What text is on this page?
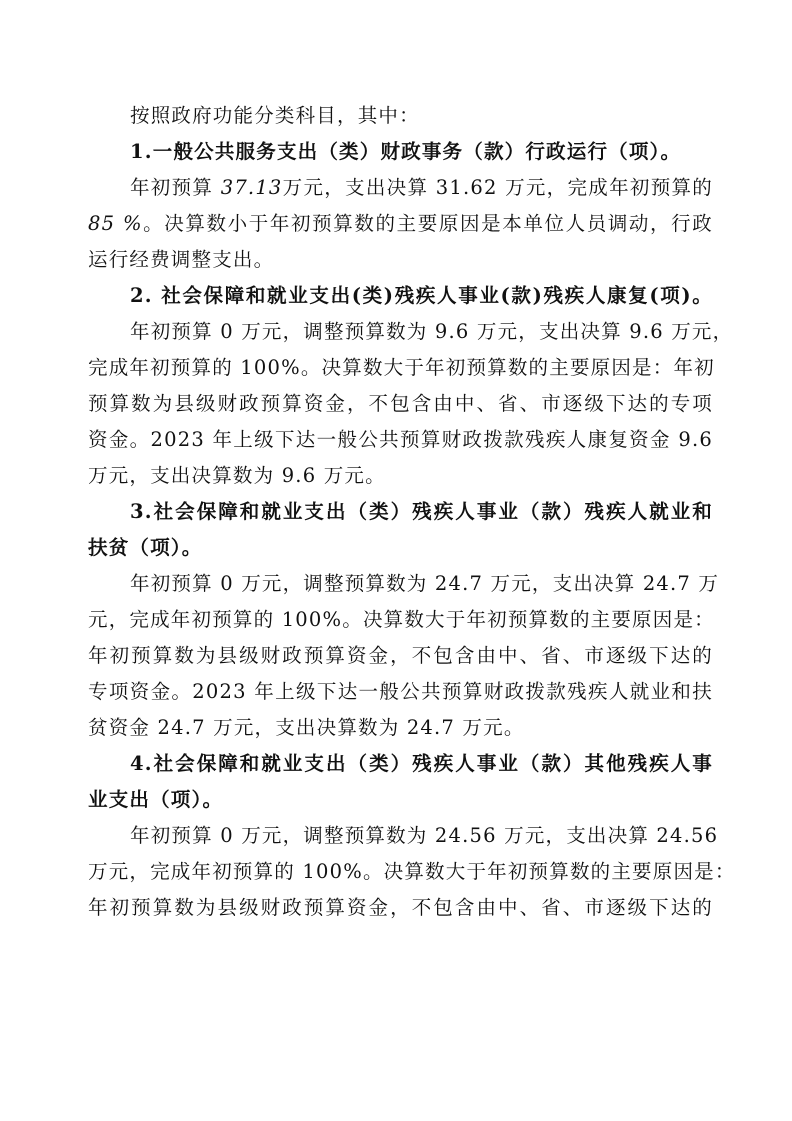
按照政府功能分类科目，其中：
1.一般公共服务支出（类）财政事务（款）行政运行（项）。
年初预算 37.13万元，支出决算 31.62 万元，完成年初预算的
85 %。决算数小于年初预算数的主要原因是本单位人员调动，行政
运行经费调整支出。
2. 社会保障和就业支出(类)残疾人事业(款)残疾人康复(项)。
年初预算 0 万元，调整预算数为 9.6 万元，支出决算 9.6 万元，
完成年初预算的 100%。决算数大于年初预算数的主要原因是：年初
预算数为县级财政预算资金，不包含由中、省、市逐级下达的专项
资金。2023 年上级下达一般公共预算财政拨款残疾人康复资金 9.6
万元，支出决算数为 9.6 万元。
3.社会保障和就业支出（类）残疾人事业（款）残疾人就业和
扶贫（项）。
年初预算 0 万元，调整预算数为 24.7 万元，支出决算 24.7 万
元，完成年初预算的 100%。决算数大于年初预算数的主要原因是：
年初预算数为县级财政预算资金，不包含由中、省、市逐级下达的
专项资金。2023 年上级下达一般公共预算财政拨款残疾人就业和扶
贫资金 24.7 万元，支出决算数为 24.7 万元。
4.社会保障和就业支出（类）残疾人事业（款）其他残疾人事
业支出（项）。
年初预算 0 万元，调整预算数为 24.56 万元，支出决算 24.56
万元，完成年初预算的 100%。决算数大于年初预算数的主要原因是：
年初预算数为县级财政预算资金，不包含由中、省、市逐级下达的
